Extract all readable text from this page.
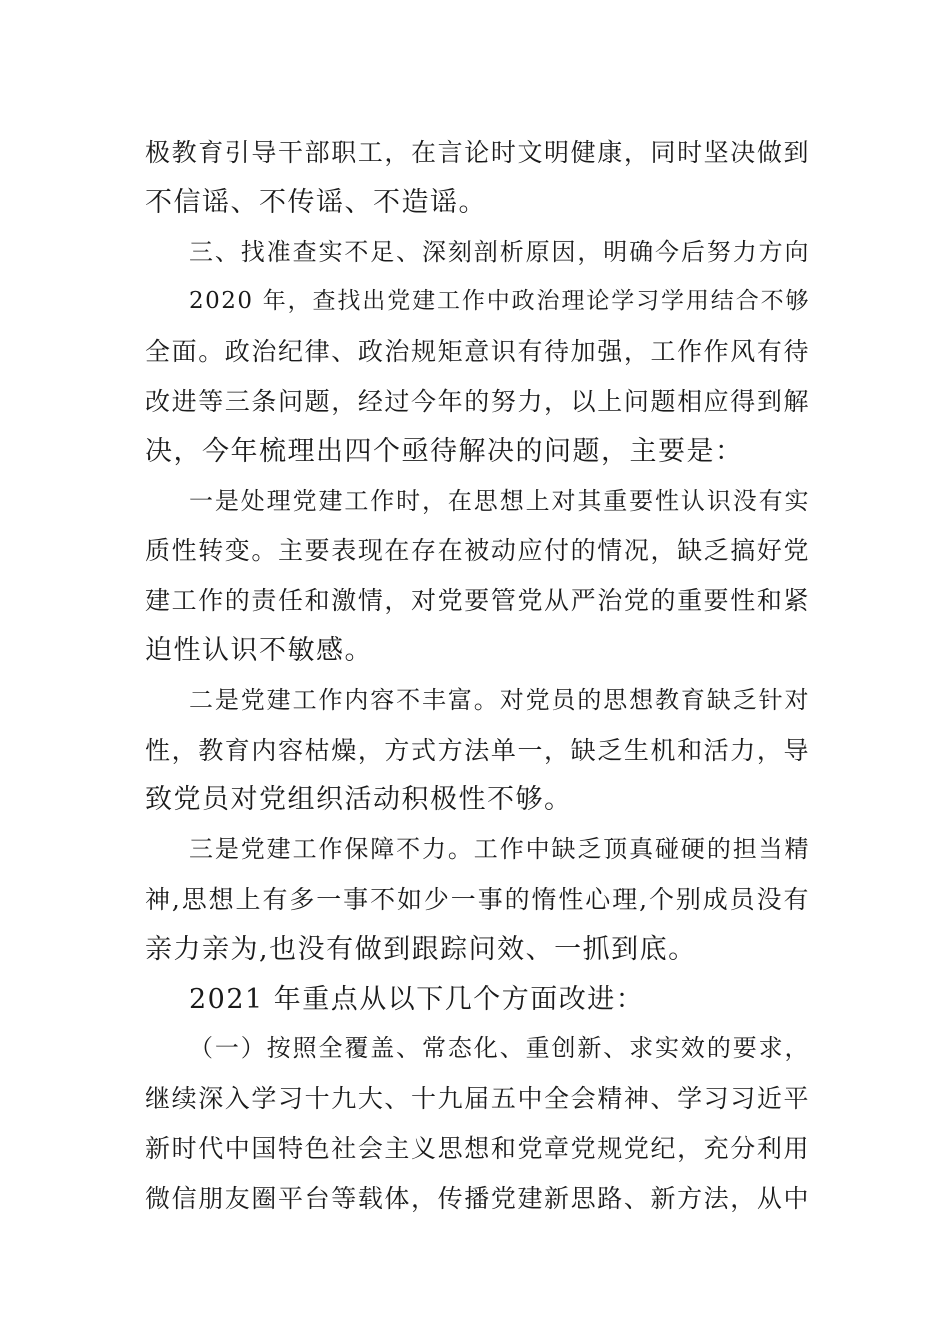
极教育引导干部职工，在言论时文明健康，同时坚决做到
不信谣、不传谣、不造谣。
三、找准查实不足、深刻剖析原因，明确今后努力方向
2020 年，查找出党建工作中政治理论学习学用结合不够
全面。政治纪律、政治规矩意识有待加强，工作作风有待
改进等三条问题，经过今年的努力，以上问题相应得到解
决，今年梳理出四个亟待解决的问题，主要是：
一是处理党建工作时，在思想上对其重要性认识没有实
质性转变。主要表现在存在被动应付的情况，缺乏搞好党
建工作的责任和激情，对党要管党从严治党的重要性和紧
迫性认识不敏感。
二是党建工作内容不丰富。对党员的思想教育缺乏针对
性，教育内容枯燥，方式方法单一，缺乏生机和活力，导
致党员对党组织活动积极性不够。
三是党建工作保障不力。工作中缺乏顶真碰硬的担当精
神,思想上有多一事不如少一事的惰性心理,个别成员没有
亲力亲为,也没有做到跟踪问效、一抓到底。
2021 年重点从以下几个方面改进：
（一）按照全覆盖、常态化、重创新、求实效的要求，
继续深入学习十九大、十九届五中全会精神、学习习近平
新时代中国特色社会主义思想和党章党规党纪，充分利用
微信朋友圈平台等载体，传播党建新思路、新方法，从中
